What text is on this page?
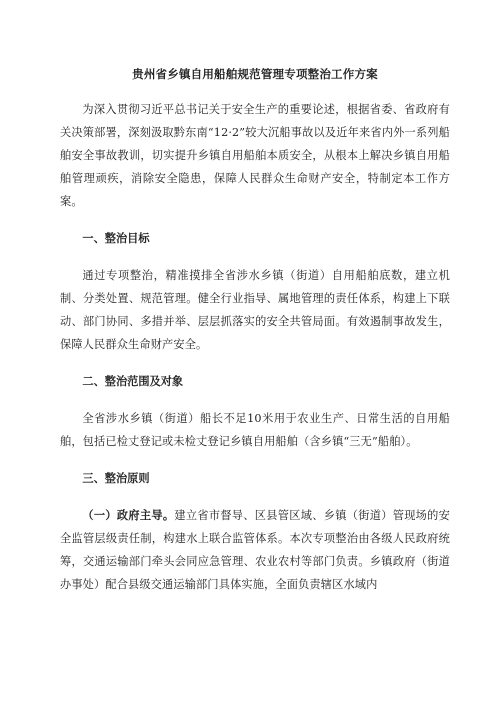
贵州省乡镇自用船舶规范管理专项整治工作方案

为深入贯彻习近平总书记关于安全生产的重要论述，根据省委、省政府有关决策部署，深刻汲取黔东南“12·2”较大沉船事故以及近年来省内外一系列船舶安全事故教训，切实提升乡镇自用船舶本质安全，从根本上解决乡镇自用船舶管理顽疾，消除安全隐患，保障人民群众生命财产安全，特制定本工作方案。

一、整治目标

通过专项整治，精准摸排全省涉水乡镇（街道）自用船舶底数，建立机制、分类处置、规范管理。健全行业指导、属地管理的责任体系，构建上下联动、部门协同、多措并举、层层抓落实的安全共管局面。有效遏制事故发生，保障人民群众生命财产安全。

二、整治范围及对象

全省涉水乡镇（街道）船长不足10米用于农业生产、日常生活的自用船舶，包括已检丈登记或未检丈登记乡镇自用船舶（含乡镇“三无”船舶）。

三、整治原则

（一）政府主导。建立省市督导、区县管区域、乡镇（街道）管现场的安全监管层级责任制，构建水上联合监管体系。本次专项整治由各级人民政府统筹，交通运输部门牵头会同应急管理、农业农村等部门负责。乡镇政府（街道办事处）配合县级交通运输部门具体实施，全面负责辖区水域内
